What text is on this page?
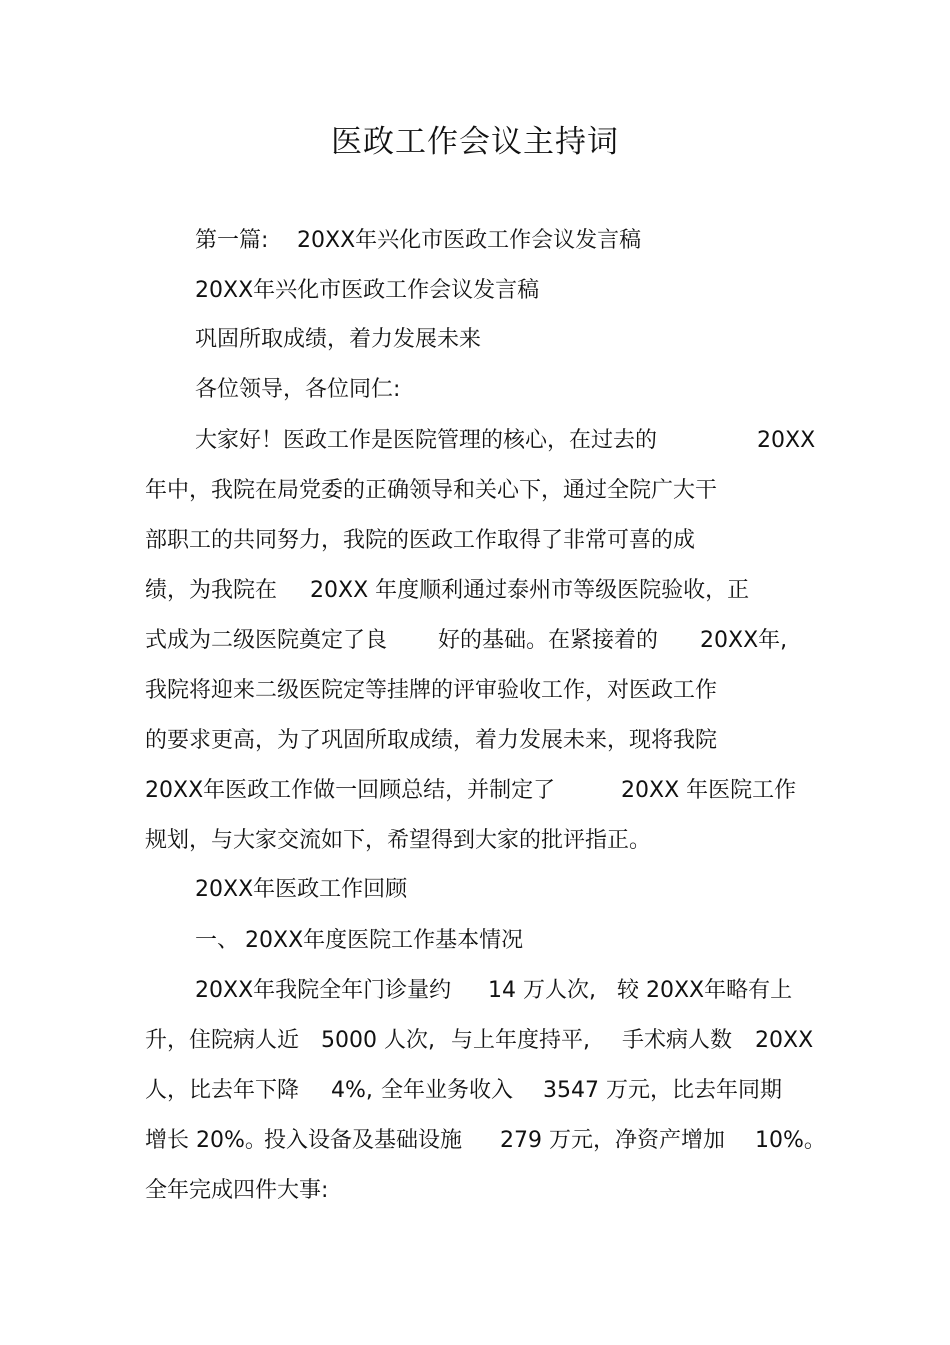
医政工作会议主持词
第一篇: 20XX年兴化市医政工作会议发言稿
20XX年兴化市医政工作会议发言稿
巩固所取成绩，着力发展未来
各位领导，各位同仁:
大家好！医政工作是医院管理的核心，在过去的	20XX
年中，我院在局党委的正确领导和关心下，通过全院广大干
部职工的共同努力，我院的医政工作取得了非常可喜的成
绩，为我院在 20XX 年度顺利通过泰州市等级医院验收，正
式成为二级医院奠定了良 好的基础。在紧接着的 20XX年,
我院将迎来二级医院定等挂牌的评审验收工作，对医政工作
的要求更高，为了巩固所取成绩，着力发展未来，现将我院
20XX年医政工作做一回顾总结，并制定了	20XX 年医院工作
规划，与大家交流如下，希望得到大家的批评指正。
20XX年医政工作回顾
一、 20XX年度医院工作基本情况
20XX年我院全年门诊量约 14 万人次, 较 20XX年略有上
升，住院病人近 5000 人次, 与上年度持平, 手术病人数 20XX
人，比去年下降 4%, 全年业务收入 3547 万元，比去年同期
增长 20%。
投入设备及基础设施 279 万元，净资产增加 10%。
全年完成四件大事:
